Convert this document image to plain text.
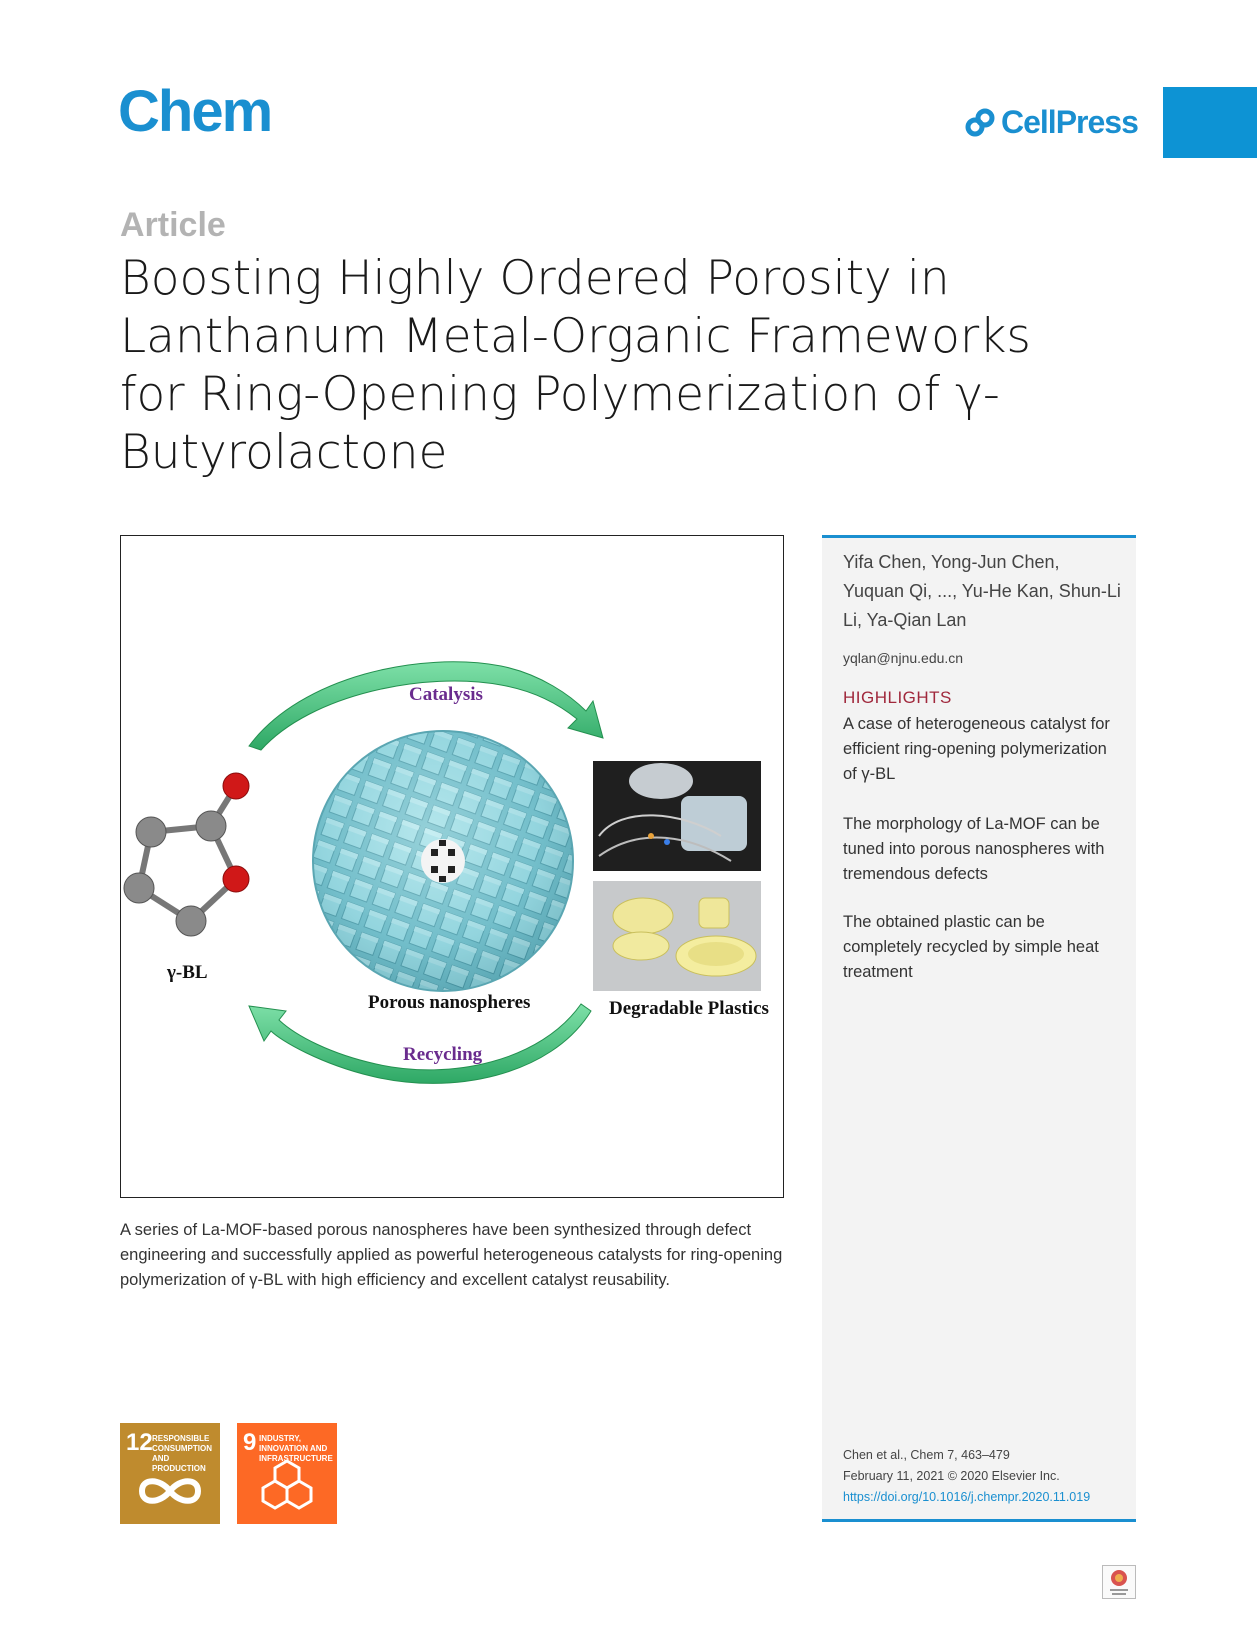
Chem	CellPress
Article
Boosting Highly Ordered Porosity in Lanthanum Metal-Organic Frameworks for Ring-Opening Polymerization of γ-Butyrolactone
Catalysis
Recycling
γ-BL
Porous nanospheres	Degradable Plastics
A series of La-MOF-based porous nanospheres have been synthesized through defect engineering and successfully applied as powerful heterogeneous catalysts for ring-opening polymerization of γ-BL with high efficiency and excellent catalyst reusability.
Yifa Chen, Yong-Jun Chen, Yuquan Qi, ..., Yu-He Kan, Shun-Li Li, Ya-Qian Lan
yqlan@njnu.edu.cn
HIGHLIGHTS
A case of heterogeneous catalyst for efficient ring-opening polymerization of γ-BL
The morphology of La-MOF can be tuned into porous nanospheres with tremendous defects
The obtained plastic can be completely recycled by simple heat treatment
Chen et al., Chem 7, 463–479
February 11, 2021 © 2020 Elsevier Inc.
https://doi.org/10.1016/j.chempr.2020.11.019
12 RESPONSIBLE CONSUMPTION AND PRODUCTION
9 INDUSTRY, INNOVATION AND INFRASTRUCTURE
